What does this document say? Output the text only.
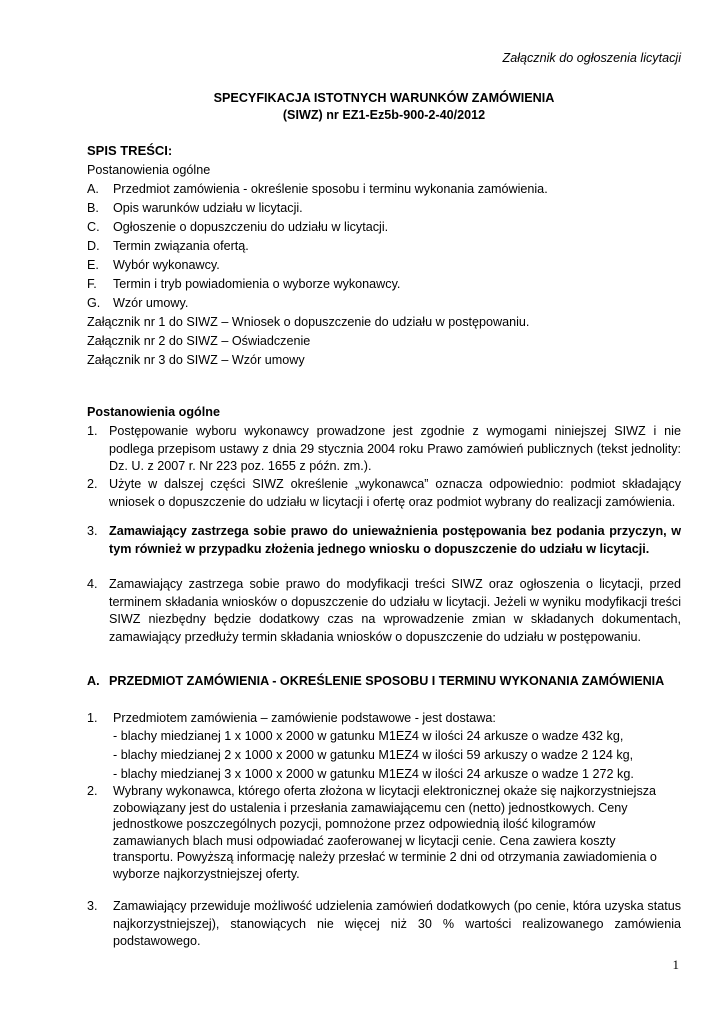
Załącznik do ogłoszenia licytacji
SPECYFIKACJA ISTOTNYCH WARUNKÓW ZAMÓWIENIA
(SIWZ) nr EZ1-Ez5b-900-2-40/2012
SPIS TREŚCI:
Postanowienia ogólne
A. Przedmiot zamówienia - określenie sposobu i terminu wykonania zamówienia.
B. Opis warunków udziału w licytacji.
C. Ogłoszenie o dopuszczeniu do udziału w licytacji.
D. Termin związania ofertą.
E. Wybór wykonawcy.
F. Termin i tryb powiadomienia o wyborze wykonawcy.
G. Wzór umowy.
Załącznik nr 1 do SIWZ – Wniosek o dopuszczenie do udziału w postępowaniu.
Załącznik nr 2 do SIWZ – Oświadczenie
Załącznik nr 3 do SIWZ – Wzór umowy
Postanowienia ogólne
1. Postępowanie wyboru wykonawcy prowadzone jest zgodnie z wymogami niniejszej SIWZ i nie podlega przepisom ustawy z dnia 29 stycznia 2004 roku Prawo zamówień publicznych (tekst jednolity: Dz. U. z 2007 r. Nr 223 poz. 1655 z późn. zm.).
2. Użyte w dalszej części SIWZ określenie „wykonawca” oznacza odpowiednio: podmiot składający wniosek o dopuszczenie do udziału w licytacji i ofertę oraz podmiot wybrany do realizacji zamówienia.
3. Zamawiający zastrzega sobie prawo do unieważnienia postępowania bez podania przyczyn, w tym również w przypadku złożenia jednego wniosku o dopuszczenie do udziału w licytacji.
4. Zamawiający zastrzega sobie prawo do modyfikacji treści SIWZ oraz ogłoszenia o licytacji, przed terminem składania wniosków o dopuszczenie do udziału w licytacji. Jeżeli w wyniku modyfikacji treści SIWZ niezbędny będzie dodatkowy czas na wprowadzenie zmian w składanych dokumentach, zamawiający przedłuży termin składania wniosków o dopuszczenie do udziału w postępowaniu.
A. PRZEDMIOT ZAMÓWIENIA - OKREŚLENIE SPOSOBU I TERMINU WYKONANIA ZAMÓWIENIA
1. Przedmiotem zamówienia – zamówienie podstawowe - jest dostawa:
- blachy miedzianej 1 x 1000 x 2000 w gatunku M1EZ4 w ilości 24 arkusze o wadze 432 kg,
- blachy miedzianej 2 x 1000 x 2000 w gatunku M1EZ4 w ilości 59 arkuszy o wadze 2 124 kg,
- blachy miedzianej 3 x 1000 x 2000 w gatunku M1EZ4 w ilości 24 arkusze o wadze 1 272 kg.
2. Wybrany wykonawca, którego oferta złożona w licytacji elektronicznej okaże się najkorzystniejsza zobowiązany jest do ustalenia i przesłania zamawiającemu cen (netto) jednostkowych. Ceny jednostkowe poszczególnych pozycji, pomnożone przez odpowiednią ilość kilogramów zamawianych blach musi odpowiadać zaoferowanej w licytacji cenie. Cena zawiera koszty transportu. Powyższą informację należy przesłać w terminie 2 dni od otrzymania zawiadomienia o wyborze najkorzystniejszej oferty.
3. Zamawiający przewiduje możliwość udzielenia zamówień dodatkowych (po cenie, która uzyska status najkorzystniejszej), stanowiących nie więcej niż 30 % wartości realizowanego zamówienia podstawowego.
1
